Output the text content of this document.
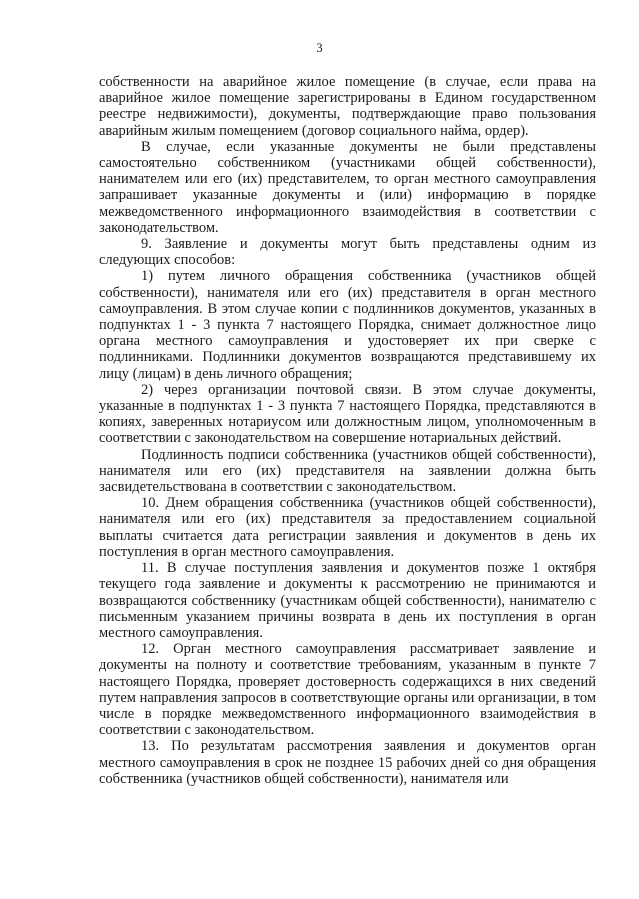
3

собственности на аварийное жилое помещение (в случае, если права на аварийное жилое помещение зарегистрированы в Едином государственном реестре недвижимости), документы, подтверждающие право пользования аварийным жилым помещением (договор социального найма, ордер).

В случае, если указанные документы не были представлены самостоятельно собственником (участниками общей собственности), нанимателем или его (их) представителем, то орган местного самоуправления запрашивает указанные документы и (или) информацию в порядке межведомственного информационного взаимодействия в соответствии с законодательством.

9. Заявление и документы могут быть представлены одним из следующих способов:

1) путем личного обращения собственника (участников общей собственности), нанимателя или его (их) представителя в орган местного самоуправления. В этом случае копии с подлинников документов, указанных в подпунктах 1 - 3 пункта 7 настоящего Порядка, снимает должностное лицо органа местного самоуправления и удостоверяет их при сверке с подлинниками. Подлинники документов возвращаются представившему их лицу (лицам) в день личного обращения;

2) через организации почтовой связи. В этом случае документы, указанные в подпунктах 1 - 3 пункта 7 настоящего Порядка, представляются в копиях, заверенных нотариусом или должностным лицом, уполномоченным в соответствии с законодательством на совершение нотариальных действий.

Подлинность подписи собственника (участников общей собственности), нанимателя или его (их) представителя на заявлении должна быть засвидетельствована в соответствии с законодательством.

10. Днем обращения собственника (участников общей собственности), нанимателя или его (их) представителя за предоставлением социальной выплаты считается дата регистрации заявления и документов в день их поступления в орган местного самоуправления.

11. В случае поступления заявления и документов позже 1 октября текущего года заявление и документы к рассмотрению не принимаются и возвращаются собственнику (участникам общей собственности), нанимателю с письменным указанием причины возврата в день их поступления в орган местного самоуправления.

12. Орган местного самоуправления рассматривает заявление и документы на полноту и соответствие требованиям, указанным в пункте 7 настоящего Порядка, проверяет достоверность содержащихся в них сведений путем направления запросов в соответствующие органы или организации, в том числе в порядке межведомственного информационного взаимодействия в соответствии с законодательством.

13. По результатам рассмотрения заявления и документов орган местного самоуправления в срок не позднее 15 рабочих дней со дня обращения собственника (участников общей собственности), нанимателя или
